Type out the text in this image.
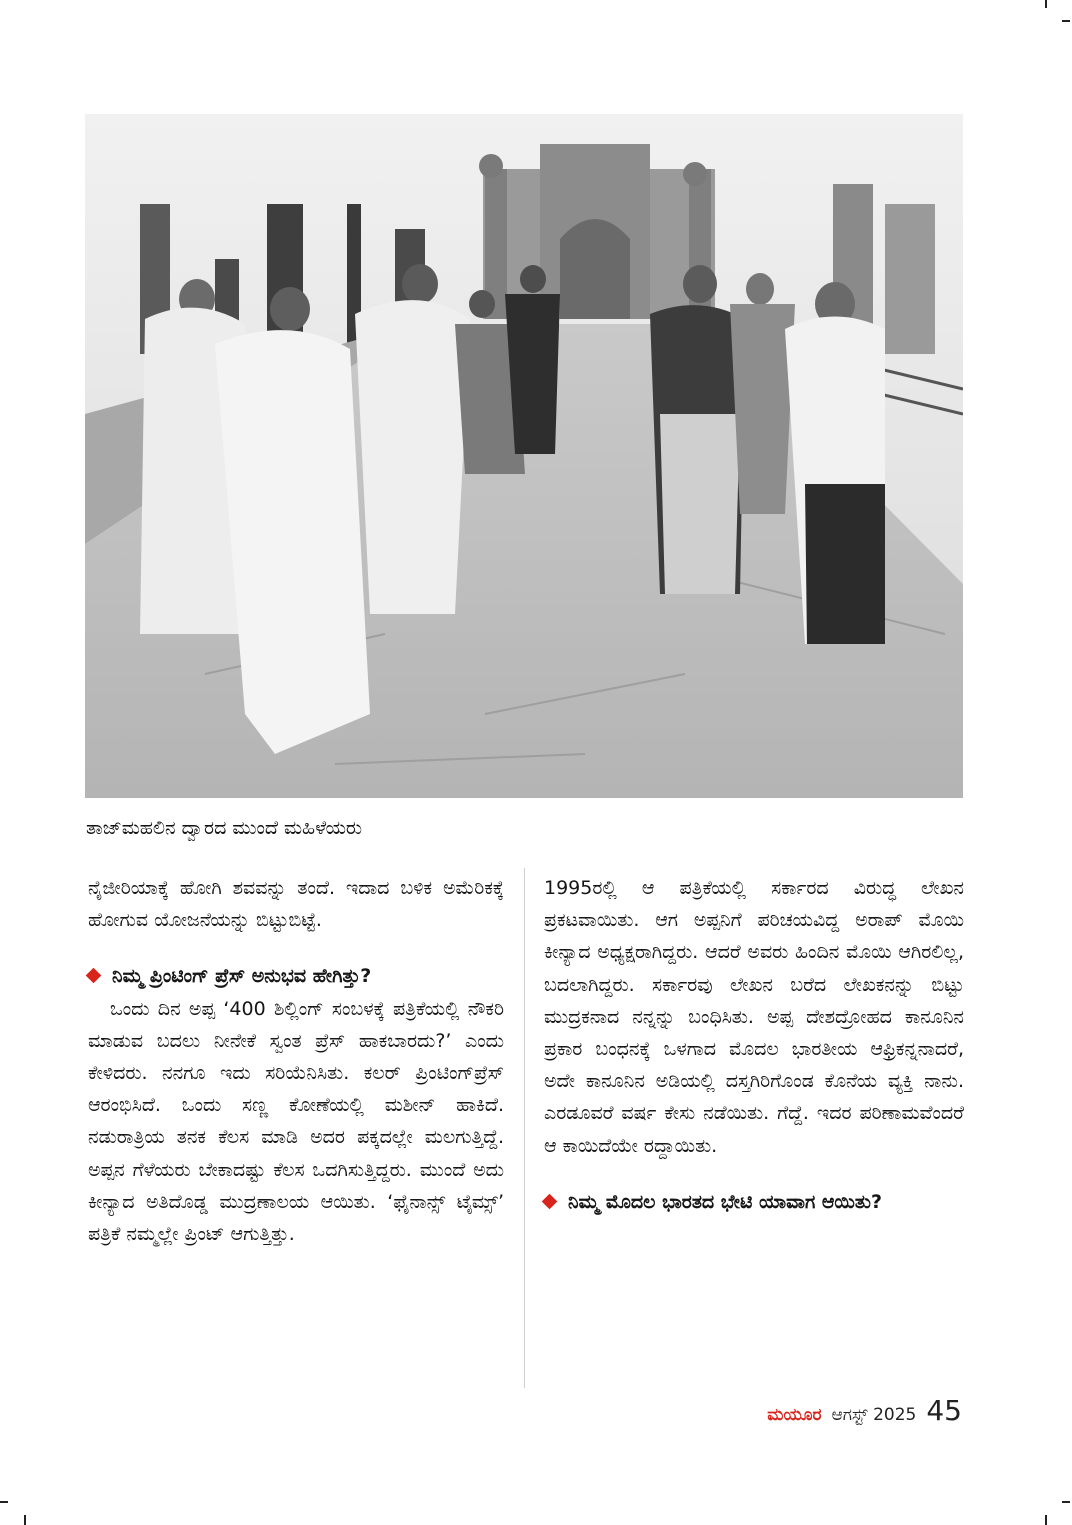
ತಾಜ್‌ಮಹಲಿನ ದ್ವಾರದ ಮುಂದೆ ಮಹಿಳೆಯರು

ನೈಜೀರಿಯಾಕ್ಕೆ ಹೋಗಿ ಶವವನ್ನು ತಂದೆ. ಇದಾದ ಬಳಿಕ ಅಮೆರಿಕಕ್ಕೆ ಹೋಗುವ ಯೋಜನೆಯನ್ನು ಬಿಟ್ಟುಬಿಟ್ಟೆ.

ನಿಮ್ಮ ಪ್ರಿಂಟಿಂಗ್ ಪ್ರೆಸ್ ಅನುಭವ ಹೇಗಿತ್ತು?

ಒಂದು ದಿನ ಅಪ್ಪ ‘400 ಶಿಲ್ಲಿಂಗ್ ಸಂಬಳಕ್ಕೆ ಪತ್ರಿಕೆಯಲ್ಲಿ ನೌಕರಿ ಮಾಡುವ ಬದಲು ನೀನೇಕೆ ಸ್ವಂತ ಪ್ರೆಸ್ ಹಾಕಬಾರದು?’ ಎಂದು ಕೇಳಿದರು. ನನಗೂ ಇದು ಸರಿಯೆನಿಸಿತು. ಕಲರ್ ಪ್ರಿಂಟಿಂಗ್‌ಪ್ರೆಸ್ ಆರಂಭಿಸಿದೆ. ಒಂದು ಸಣ್ಣ ಕೋಣೆಯಲ್ಲಿ ಮಶೀನ್ ಹಾಕಿದೆ. ನಡುರಾತ್ರಿಯ ತನಕ ಕೆಲಸ ಮಾಡಿ ಅದರ ಪಕ್ಕದಲ್ಲೇ ಮಲಗುತ್ತಿದ್ದೆ. ಅಪ್ಪನ ಗೆಳೆಯರು ಬೇಕಾದಷ್ಟು ಕೆಲಸ ಒದಗಿಸುತ್ತಿದ್ದರು. ಮುಂದೆ ಅದು ಕೀನ್ಯಾದ ಅತಿದೊಡ್ಡ ಮುದ್ರಣಾಲಯ ಆಯಿತು. ‘ಫೈನಾನ್ಸ್ ಟೈಮ್ಸ್’ ಪತ್ರಿಕೆ ನಮ್ಮಲ್ಲೇ ಪ್ರಿಂಟ್ ಆಗುತ್ತಿತ್ತು.

1995ರಲ್ಲಿ ಆ ಪತ್ರಿಕೆಯಲ್ಲಿ ಸರ್ಕಾರದ ವಿರುದ್ಧ ಲೇಖನ ಪ್ರಕಟವಾಯಿತು. ಆಗ ಅಪ್ಪನಿಗೆ ಪರಿಚಯವಿದ್ದ ಅರಾಪ್ ಮೊಯಿ ಕೀನ್ಯಾದ ಅಧ್ಯಕ್ಷರಾಗಿದ್ದರು. ಆದರೆ ಅವರು ಹಿಂದಿನ ಮೊಯಿ ಆಗಿರಲಿಲ್ಲ, ಬದಲಾಗಿದ್ದರು. ಸರ್ಕಾರವು ಲೇಖನ ಬರೆದ ಲೇಖಕನನ್ನು ಬಿಟ್ಟು ಮುದ್ರಕನಾದ ನನ್ನನ್ನು ಬಂಧಿಸಿತು. ಅಪ್ಪ ದೇಶದ್ರೋಹದ ಕಾನೂನಿನ ಪ್ರಕಾರ ಬಂಧನಕ್ಕೆ ಒಳಗಾದ ಮೊದಲ ಭಾರತೀಯ ಆಫ್ರಿಕನ್ನನಾದರೆ, ಅದೇ ಕಾನೂನಿನ ಅಡಿಯಲ್ಲಿ ದಸ್ತಗಿರಿಗೊಂಡ ಕೊನೆಯ ವ್ಯಕ್ತಿ ನಾನು. ಎರಡೂವರೆ ವರ್ಷ ಕೇಸು ನಡೆಯಿತು. ಗೆದ್ದೆ. ಇದರ ಪರಿಣಾಮವೆಂದರೆ ಆ ಕಾಯಿದೆಯೇ ರದ್ದಾಯಿತು.

ನಿಮ್ಮ ಮೊದಲ ಭಾರತದ ಭೇಟಿ ಯಾವಾಗ ಆಯಿತು?

ಮಯೂರ ಆಗಸ್ಟ್ 2025 45
